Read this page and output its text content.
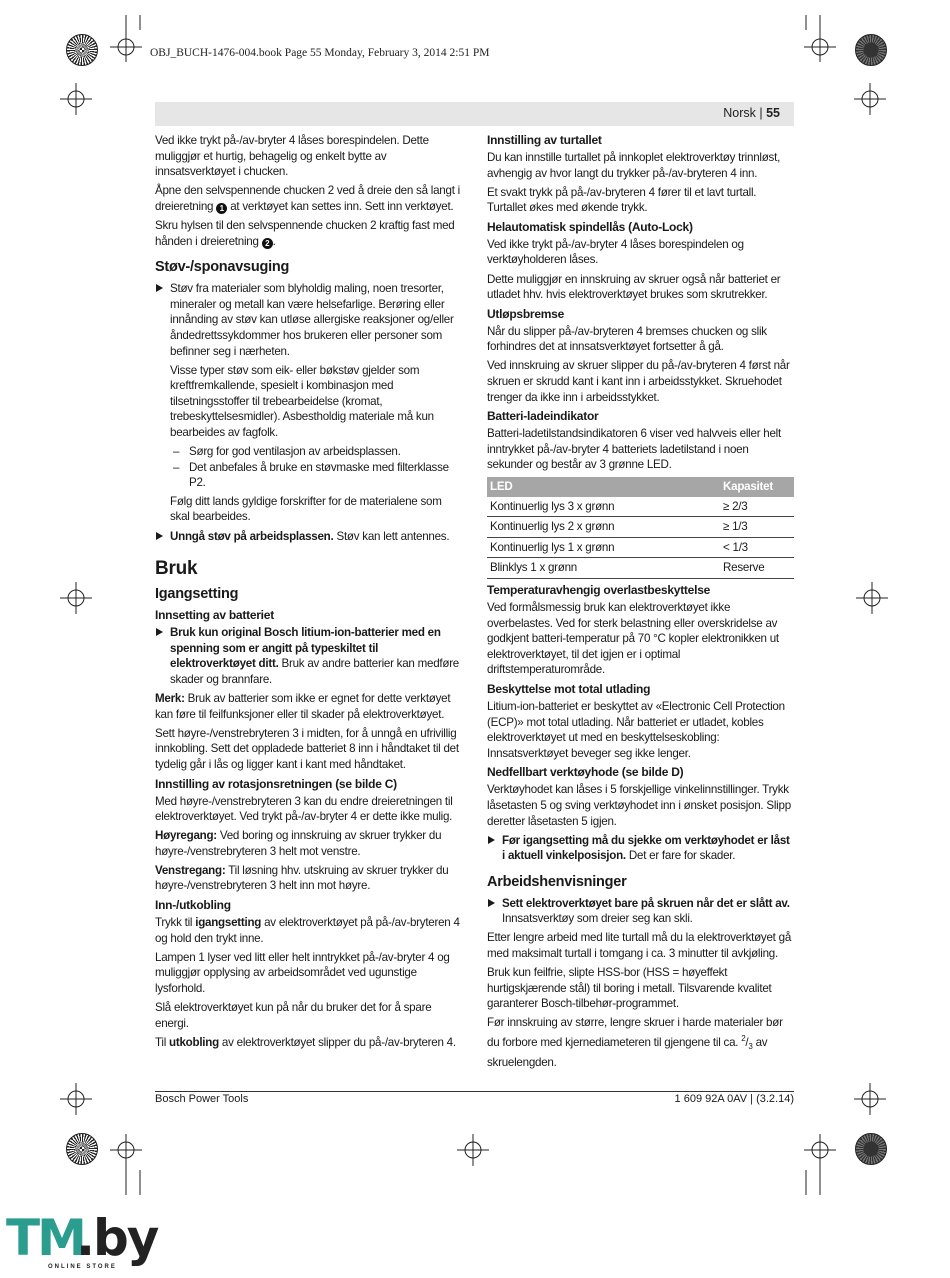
OBJ_BUCH-1476-004.book Page 55 Monday, February 3, 2014 2:51 PM
Norsk | 55

Ved ikke trykt på-/av-bryter 4 låses borespindelen. Dette muliggjør et hurtig, behagelig og enkelt bytte av innsatsverktøyet i chucken.

Åpne den selvspennende chucken 2 ved å dreie den så langt i dreieretning 1 at verktøyet kan settes inn. Sett inn verktøyet.

Skru hylsen til den selvspennende chucken 2 kraftig fast med hånden i dreieretning 2 .

Støv-/sponavsuging
Støv fra materialer som blyholdig maling, noen tresorter, mineraler og metall kan være helsefarlige. Berøring eller innånding av støv kan utløse allergiske reaksjoner og/eller åndedrettssykdommer hos brukeren eller personer som befinner seg i nærheten.

Visse typer støv som eik- eller bøkstøv gjelder som kreftfremkallende, spesielt i kombinasjon med tilsetningsstoffer til trebearbeidelse (kromat, trebeskyttelsesmidler). Asbestholdig materiale må kun bearbeides av fagfolk.

– Sørg for god ventilasjon av arbeidsplassen.
– Det anbefales å bruke en støvmaske med filterklasse P2.

Følg ditt lands gyldige forskrifter for de materialene som skal bearbeides.

Unngå støv på arbeidsplassen. Støv kan lett antennes.
Bruk
Igangsetting
Innsetting av batteriet
Bruk kun original Bosch litium-ion-batterier med en spenning som er angitt på typeskiltet til elektroverktøyet ditt. Bruk av andre batterier kan medføre skader og brannfare.

Merk: Bruk av batterier som ikke er egnet for dette verktøyet kan føre til feilfunksjoner eller til skader på elektroverktøyet.

Sett høyre-/venstrebryteren 3 i midten, for å unngå en ufrivillig innkobling. Sett det oppladede batteriet 8 inn i håndtaket til det tydelig går i lås og ligger kant i kant med håndtaket.

Innstilling av rotasjonsretningen (se bilde C)

Med høyre-/venstrebryteren 3 kan du endre dreieretningen til elektroverktøyet. Ved trykt på-/av-bryter 4 er dette ikke mulig.

Høyregang: Ved boring og innskruing av skruer trykker du høyre-/venstrebryteren 3 helt mot venstre.

Venstregang: Til løsning hhv. utskruing av skruer trykker du høyre-/venstrebryteren 3 helt inn mot høyre.

Inn-/utkobling

Trykk til igangsetting av elektroverktøyet på på-/av-bryteren 4 og hold den trykt inne.

Lampen 1 lyser ved litt eller helt inntrykket på-/av-bryter 4 og muliggjør opplysing av arbeidsområdet ved ugunstige lysforhold.

Slå elektroverktøyet kun på når du bruker det for å spare energi.

Til utkobling av elektroverktøyet slipper du på-/av-bryteren 4.

Innstilling av turtallet

Du kan innstille turtallet på innkoplet elektroverktøy trinnløst, avhengig av hvor langt du trykker på-/av-bryteren 4 inn.

Et svakt trykk på på-/av-bryteren 4 fører til et lavt turtall. Turtallet økes med økende trykk.

Helautomatisk spindellås (Auto-Lock)

Ved ikke trykt på-/av-bryter 4 låses borespindelen og verktøyholderen låses.

Dette muliggjør en innskruing av skruer også når batteriet er utladet hhv. hvis elektroverktøyet brukes som skrutrekker.

Utløpsbremse

Når du slipper på-/av-bryteren 4 bremses chucken og slik forhindres det at innsatsverktøyet fortsetter å gå.

Ved innskruing av skruer slipper du på-/av-bryteren 4 først når skruen er skrudd kant i kant inn i arbeidsstykket. Skruehodet trenger da ikke inn i arbeidsstykket.

Batteri-ladeindikator

Batteri-ladetilstandsindikatoren 6 viser ved halvveis eller helt inntrykket på-/av-bryter 4 batteriets ladetilstand i noen sekunder og består av 3 grønne LED.

LED	Kapasitet
Kontinuerlig lys 3 x grønn	≥ 2/3
Kontinuerlig lys 2 x grønn	≥ 1/3
Kontinuerlig lys 1 x grønn	< 1/3
Blinklys 1 x grønn	Reserve
Temperaturavhengig overlastbeskyttelse

Ved formålsmessig bruk kan elektroverktøyet ikke overbelastes. Ved for sterk belastning eller overskridelse av godkjent batteri-temperatur på 70 °C kopler elektronikken ut elektroverktøyet, til det igjen er i optimal driftstemperaturområde.

Beskyttelse mot total utlading

Litium-ion-batteriet er beskyttet av «Electronic Cell Protection (ECP)» mot total utlading. Når batteriet er utladet, kobles elektroverktøyet ut med en beskyttelseskobling: Innsatsverktøyet beveger seg ikke lenger.

Nedfellbart verktøyhode (se bilde D)

Verktøyhodet kan låses i 5 forskjellige vinkelinnstillinger. Trykk låsetasten 5 og sving verktøyhodet inn i ønsket posisjon. Slipp deretter låsetasten 5 igjen.

Før igangsetting må du sjekke om verktøyhodet er låst i aktuell vinkelposisjon. Det er fare for skader.
Arbeidshenvisninger
Sett elektroverktøyet bare på skruen når det er slått av. Innsatsverktøy som dreier seg kan skli.

Etter lengre arbeid med lite turtall må du la elektroverktøyet gå med maksimalt turtall i tomgang i ca. 3 minutter til avkjøling.

Bruk kun feilfrie, slipte HSS-bor (HSS = høyeffekt hurtigskjærende stål) til boring i metall. Tilsvarende kvalitet garanterer Bosch-tilbehør-programmet.

Før innskruing av større, lengre skruer i harde materialer bør du forbore med kjernediameteren til gjengene til ca. $^2/_3$ av skruelengden.

Bosch Power Tools	1 609 92A 0AV | (3.2.14)
TM
.by
ONLINE STORE
